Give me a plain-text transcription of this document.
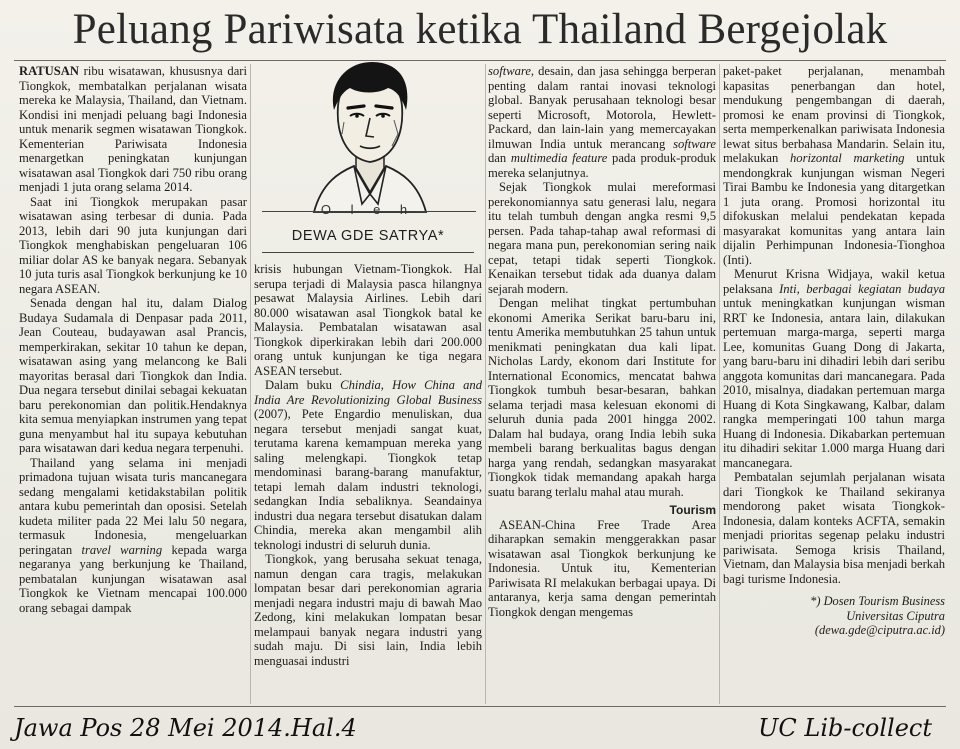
Peluang Pariwisata ketika Thailand Bergejolak

RATUSAN ribu wisatawan, khususnya dari Tiongkok, membatalkan perjalanan wisata mereka ke Malaysia, Thailand, dan Vietnam. Kondisi ini menjadi peluang bagi Indonesia untuk menarik segmen wisatawan Tiongkok. Kementerian Pariwisata Indonesia menargetkan peningkatan kunjungan wisatawan asal Tiongkok dari 750 ribu orang menjadi 1 juta orang selama 2014.

Saat ini Tiongkok merupakan pasar wisatawan asing terbesar di dunia. Pada 2013, lebih dari 90 juta kunjungan dari Tiongkok menghabiskan pengeluaran 106 miliar dolar AS ke banyak negara. Sebanyak 10 juta turis asal Tiongkok berkunjung ke 10 negara ASEAN.

Senada dengan hal itu, dalam Dialog Budaya Sudamala di Denpasar pada 2011, Jean Couteau, budayawan asal Prancis, memperkirakan, sekitar 10 tahun ke depan, wisatawan asing yang melancong ke Bali mayoritas berasal dari Tiongkok dan India. Dua negara tersebut dinilai sebagai kekuatan baru perekonomian dan politik.Hendaknya kita semua menyiapkan instrumen yang tepat guna menyambut hal itu supaya kebutuhan para wisatawan dari kedua negara terpenuhi.

Thailand yang selama ini menjadi primadona tujuan wisata turis mancanegara sedang mengalami ketidakstabilan politik antara kubu pemerintah dan oposisi. Setelah kudeta militer pada 22 Mei lalu 50 negara, termasuk Indonesia, mengeluarkan peringatan travel warning kepada warga negaranya yang berkunjung ke Thailand, pembatalan kunjungan wisatawan asal Tiongkok ke Vietnam mencapai 100.000 orang sebagai dampak

O l e h
DEWA GDE SATRYA*

krisis hubungan Vietnam-Tiongkok. Hal serupa terjadi di Malaysia pasca hilangnya pesawat Malaysia Airlines. Lebih dari 80.000 wisatawan asal Tiongkok batal ke Malaysia. Pembatalan wisatawan asal Tiongkok diperkirakan lebih dari 200.000 orang untuk kunjungan ke tiga negara ASEAN tersebut.

Dalam buku Chindia, How China and India Are Revolutionizing Global Business (2007), Pete Engardio menuliskan, dua negara tersebut menjadi sangat kuat, terutama karena kemampuan mereka yang saling melengkapi. Tiongkok tetap mendominasi barang-barang manufaktur, tetapi lemah dalam industri teknologi, sedangkan India sebaliknya. Seandainya industri dua negara tersebut disatukan dalam Chindia, mereka akan mengambil alih teknologi industri di seluruh dunia.

Tiongkok, yang berusaha sekuat tenaga, namun dengan cara tragis, melakukan lompatan besar dari perekonomian agraria menjadi negara industri maju di bawah Mao Zedong, kini melakukan lompatan besar melampaui banyak negara industri yang sudah maju. Di sisi lain, India lebih menguasai industri

software, desain, dan jasa sehingga berperan penting dalam rantai inovasi teknologi global. Banyak perusahaan teknologi besar seperti Microsoft, Motorola, Hewlett-Packard, dan lain-lain yang memercayakan ilmuwan India untuk merancang software dan multimedia feature pada produk-produk mereka selanjutnya.

Sejak Tiongkok mulai mereformasi perekonomiannya satu generasi lalu, negara itu telah tumbuh dengan angka resmi 9,5 persen. Pada tahap-tahap awal reformasi di negara mana pun, perekonomian sering naik cepat, tetapi tidak seperti Tiongkok. Kenaikan tersebut tidak ada duanya dalam sejarah modern.

Dengan melihat tingkat pertumbuhan ekonomi Amerika Serikat baru-baru ini, tentu Amerika membutuhkan 25 tahun untuk menikmati peningkatan dua kali lipat. Nicholas Lardy, ekonom dari Institute for International Economics, mencatat bahwa Tiongkok tumbuh besar-besaran, bahkan selama terjadi masa kelesuan ekonomi di seluruh dunia pada 2001 hingga 2002. Dalam hal budaya, orang India lebih suka membeli barang berkualitas bagus dengan harga yang rendah, sedangkan masyarakat Tiongkok tidak memandang apakah harga suatu barang terlalu mahal atau murah.

Tourism

ASEAN-China Free Trade Area diharapkan semakin menggerakkan pasar wisatawan asal Tiongkok berkunjung ke Indonesia. Untuk itu, Kementerian Pariwisata RI melakukan berbagai upaya. Di antaranya, kerja sama dengan pemerintah Tiongkok dengan mengemas

paket-paket perjalanan, menambah kapasitas penerbangan dan hotel, mendukung pengembangan di daerah, promosi ke enam provinsi di Tiongkok, serta memperkenalkan pariwisata Indonesia lewat situs berbahasa Mandarin. Selain itu, melakukan horizontal marketing untuk mendongkrak kunjungan wisman Negeri Tirai Bambu ke Indonesia yang ditargetkan 1 juta orang. Promosi horizontal itu difokuskan melalui pendekatan kepada masyarakat komunitas yang antara lain dijalin Perhimpunan Indonesia-Tionghoa (Inti).

Menurut Krisna Widjaya, wakil ketua pelaksana Inti, berbagai kegiatan budaya untuk meningkatkan kunjungan wisman RRT ke Indonesia, antara lain, dilakukan pertemuan marga-marga, seperti marga Lee, komunitas Guang Dong di Jakarta, yang baru-baru ini dihadiri lebih dari seribu anggota komunitas dari mancanegara. Pada 2010, misalnya, diadakan pertemuan marga Huang di Kota Singkawang, Kalbar, dalam rangka memperingati 100 tahun marga Huang di Indonesia. Dikabarkan pertemuan itu dihadiri sekitar 1.000 marga Huang dari mancanegara.

Pembatalan sejumlah perjalanan wisata dari Tiongkok ke Thailand sekiranya mendorong paket wisata Tiongkok-Indonesia, dalam konteks ACFTA, semakin menjadi prioritas segenap pelaku industri pariwisata. Semoga krisis Thailand, Vietnam, dan Malaysia bisa menjadi berkah bagi turisme Indonesia.

*) Dosen Tourism Business
Universitas Ciputra
(dewa.gde@ciputra.ac.id)

Jawa Pos 28 Mei 2014.Hal.4	UC Lib-collect
